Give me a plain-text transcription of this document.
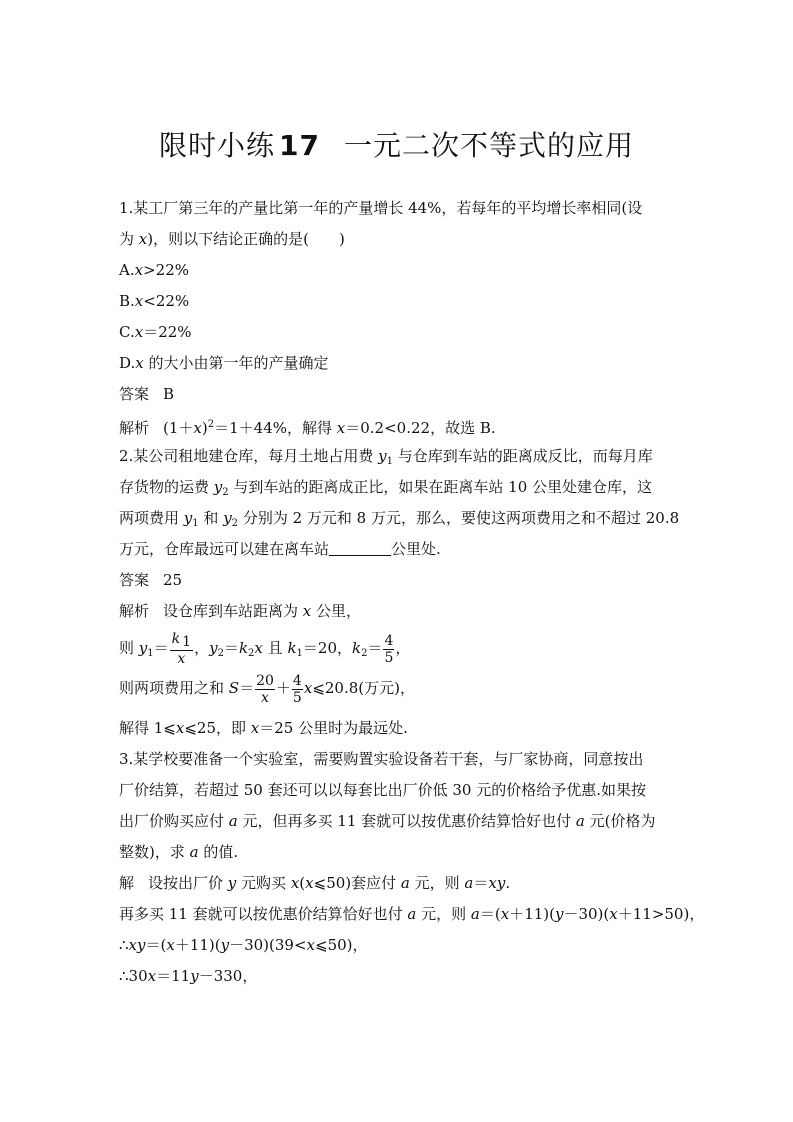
限时小练 17 一元二次不等式的应用
1.某工厂第三年的产量比第一年的产量增长 44%，若每年的平均增长率相同(设
为 x)，则以下结论正确的是(　　)
A.x>22%
B.x<22%
C.x＝22%
D.x 的大小由第一年的产量确定
答案 B
解析 $(1+x)^2=1+44\%$，解得 x＝0.2<0.22，故选 B.
2.某公司租地建仓库，每月土地占用费 $y_1$ 与仓库到车站的距离成反比，而每月库
存货物的运费 $y_2$ 与到车站的距离成正比，如果在距离车站 10 公里处建仓库，这
两项费用 $y_1$ 和 $y_2$ 分别为 2 万元和 8 万元，那么，要使这两项费用之和不超过 20.8
万元，仓库最远可以建在离车站	公里处.
答案 25
解析 设仓库到车站距离为 x 公里，
则 $y_1= \frac{k 1}{x}$ ，$y_2=k_2x$ 且 $k_1=20$，$k_2= \frac{4}{5}$ ，
则两项费用之和 $S= \frac{20}{x} + \frac{4}{5}$ x⩽20.8(万元)，
解得 1⩽x⩽25，即 x＝25 公里时为最远处.
3.某学校要准备一个实验室，需要购置实验设备若干套，与厂家协商，同意按出
厂价结算，若超过 50 套还可以以每套比出厂价低 30 元的价格给予优惠.如果按
出厂价购买应付 a 元，但再多买 11 套就可以按优惠价结算恰好也付 a 元(价格为
整数)，求 a 的值.
解 设按出厂价 y 元购买 x(x⩽50)套应付 a 元，则 a＝xy.
再多买 11 套就可以按优惠价结算恰好也付 a 元，则 a＝(x＋11)(y－30)(x＋11>50)，
∴xy＝(x＋11)(y－30)(39<x⩽50)，
∴30x＝11y－330，
